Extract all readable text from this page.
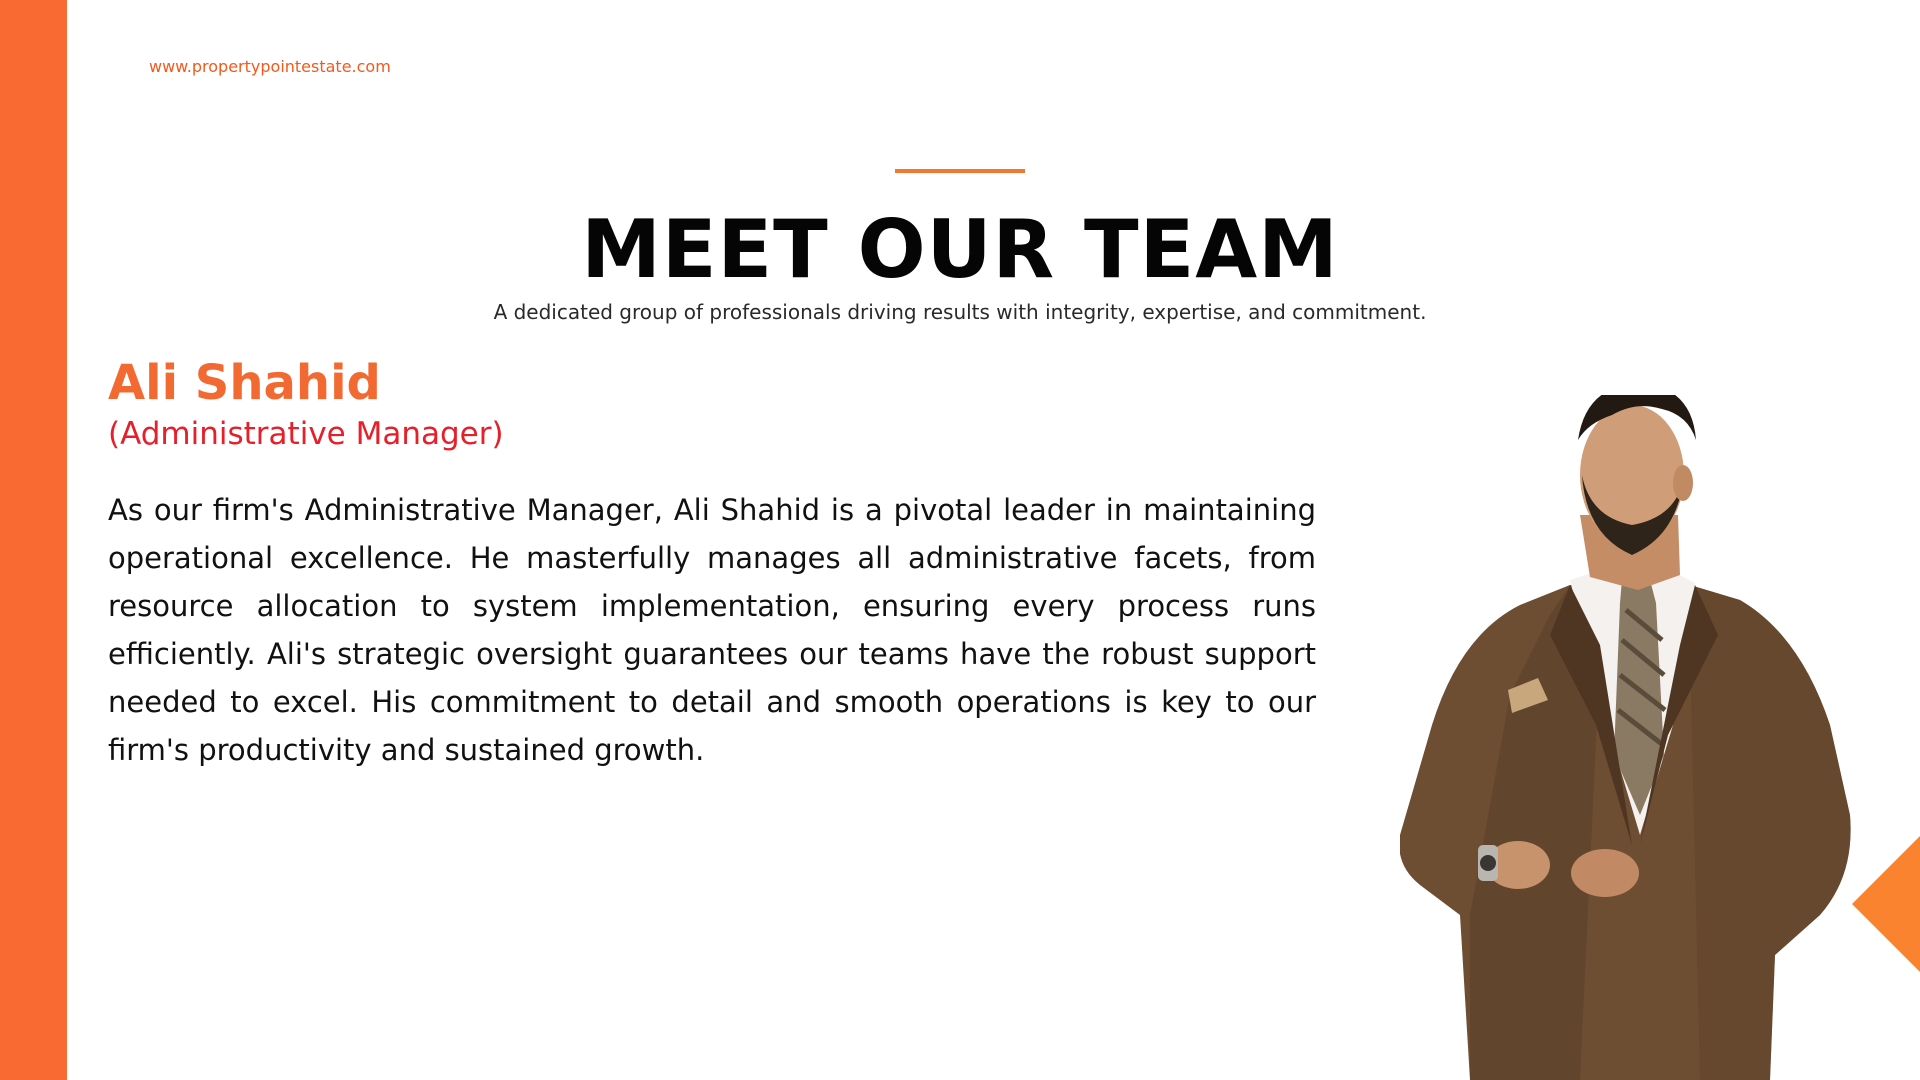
www.propertypointestate.com
MEET OUR TEAM
A dedicated group of professionals driving results with integrity, expertise, and commitment.
Ali Shahid
(Administrative Manager)

As our firm's Administrative Manager, Ali Shahid is a pivotal leader in maintaining operational excellence. He masterfully manages all administrative facets, from resource allocation to system implementation, ensuring every process runs efficiently. Ali's strategic oversight guarantees our teams have the robust support needed to excel. His commitment to detail and smooth operations is key to our firm's productivity and sustained growth.
